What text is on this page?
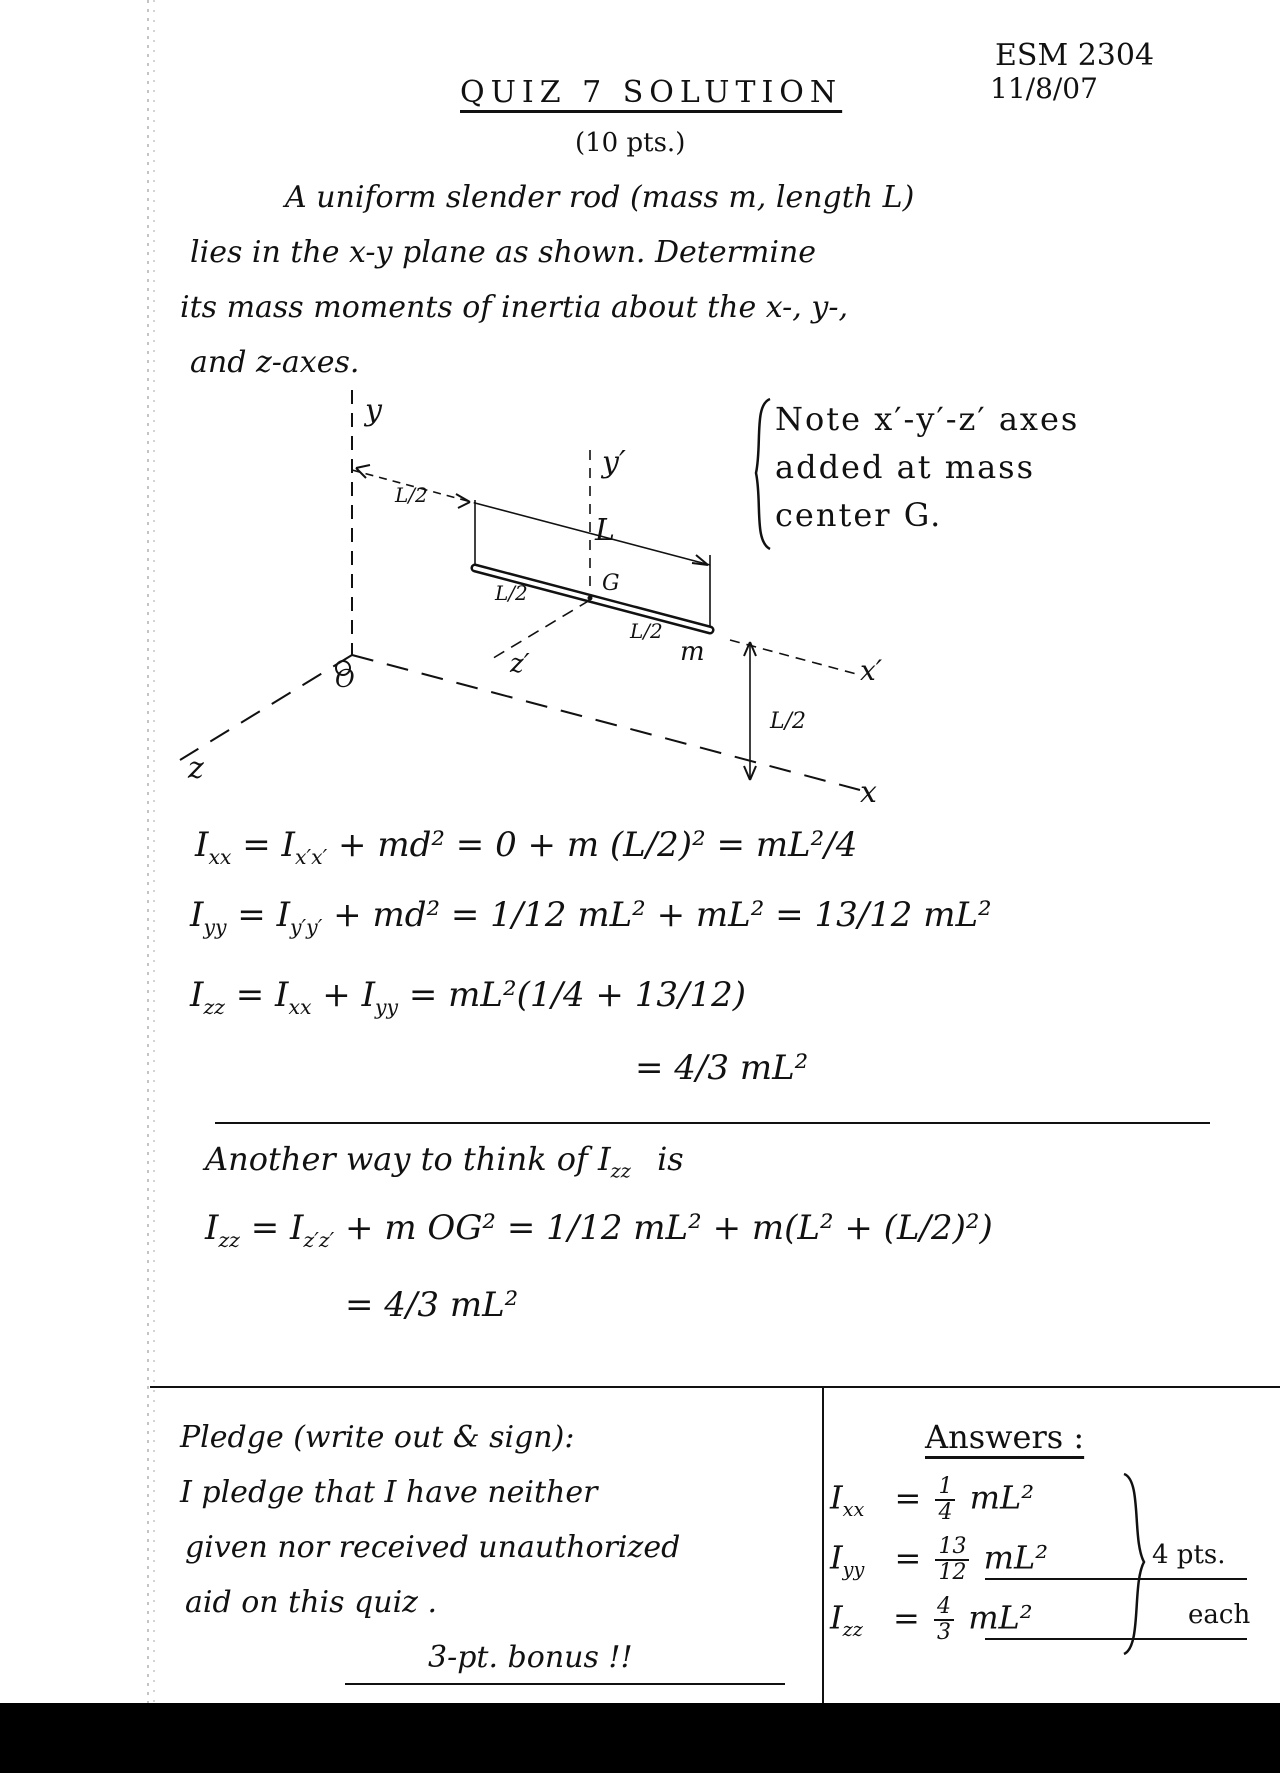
ESM 2304
11/8/07
QUIZ 7 SOLUTION
(10 pts.)
A uniform slender rod (mass m, length L)
lies in the x-y plane as shown. Determine
its mass moments of inertia about the x-, y-,
and z-axes.
Note x′-y′-z′ axes
added at mass
center G.
y
y′
L/2
L
G
L/2
L/2
m
z′
O	x′
L/2
z
x
$I_{xx} = I_{x'x'} + md^2 = 0 + m$ (L/2)² = mL²/4
$I_{yy} = I_{y'y'} + md^2 = 1/12$ mL² + mL² = 13/12 mL²
$I_{zz} = I_{xx} + I_{yy} = mL^2(1/4 + 13/12)$
= 4/3 mL²
Another way to think of $I_{zz}$ is
$I_{zz} = I_{z'z'} + m$ OG² = 1/12 mL² + m(L² + (L/2)²)
= 4/3 mL²
Pledge (write out & sign):
I pledge that I have neither
given nor received unauthorized
aid on this quiz .
3-pt. bonus !!
Answers :
$I_{xx} = \frac{1}{4} mL^2$
$I_{yy} = \frac{13}{12} mL^2$
$I_{zz} = \frac{4}{3} mL^2$
4 pts.
each
